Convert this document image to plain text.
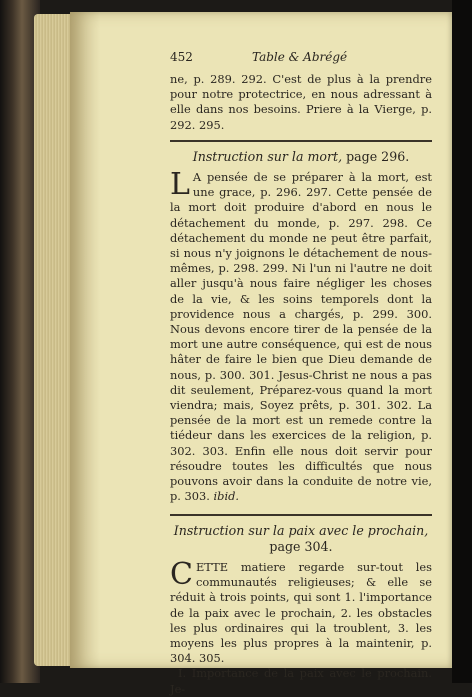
452	Table & Abrégé

ne, p. 289. 292. C'est de plus à la prendre pour notre protectrice, en nous adressant à elle dans nos besoins. Priere à la Vierge, p. 292. 295.

Instruction sur la mort, page 296.

L A pensée de se préparer à la mort, est une grace, p. 296. 297. Cette pensée de la mort doit produire d'abord en nous le détachement du monde, p. 297. 298. Ce détachement du monde ne peut être parfait, si nous n'y joignons le détachement de nous-mêmes, p. 298. 299. Ni l'un ni l'autre ne doit aller jusqu'à nous faire négliger les choses de la vie, & les soins temporels dont la providence nous a chargés, p. 299. 300. Nous devons encore tirer de la pensée de la mort une autre conséquence, qui est de nous hâter de faire le bien que Dieu demande de nous, p. 300. 301. Jesus-Christ ne nous a pas dit seulement, Préparez-vous quand la mort viendra; mais, Soyez prêts, p. 301. 302. La pensée de la mort est un remede contre la tiédeur dans les exercices de la religion, p. 302. 303. Enfin elle nous doit servir pour résoudre toutes les difficultés que nous pouvons avoir dans la conduite de notre vie, p. 303. ibid.

Instruction sur la paix avec le prochain,
page 304.

CETTE matiere regarde sur-tout les communautés religieuses; & elle se réduit à trois points, qui sont 1. l'importance de la paix avec le prochain, 2. les obstacles les plus ordinaires qui la troublent, 3. les moyens les plus propres à la maintenir, p. 304. 305.

I. Importance de la paix avec le prochain. Je-
